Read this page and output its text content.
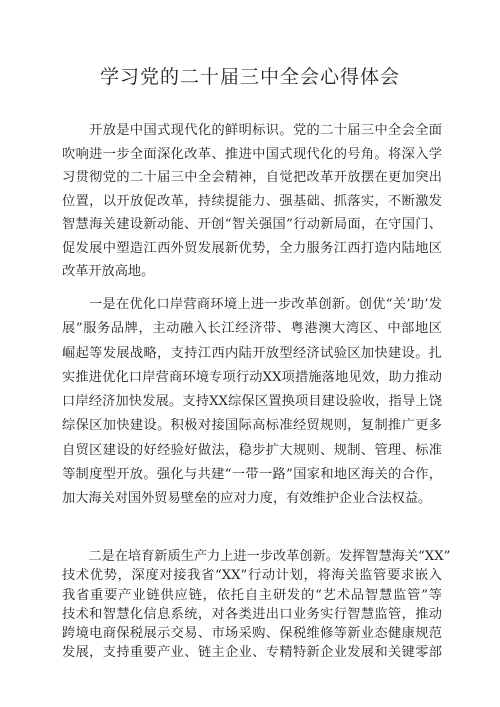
学习党的二十届三中全会心得体会
　　开放是中国式现代化的鲜明标识。党的二十届三中全会全面
吹响进一步全面深化改革、推进中国式现代化的号角。将深入学
习贯彻党的二十届三中全会精神，自觉把改革开放摆在更加突出
位置，以开放促改革，持续提能力、强基础、抓落实，不断激发
智慧海关建设新动能、开创“智关强国”行动新局面，在守国门、
促发展中塑造江西外贸发展新优势，全力服务江西打造内陆地区
改革开放高地。
　　一是在优化口岸营商环境上进一步改革创新。创优“关’助’发
展”服务品牌，主动融入长江经济带、粤港澳大湾区、中部地区
崛起等发展战略，支持江西内陆开放型经济试验区加快建设。扎
实推进优化口岸营商环境专项行动XX项措施落地见效，助力推动
口岸经济加快发展。支持XX综保区置换项目建设验收，指导上饶
综保区加快建设。积极对接国际高标准经贸规则，复制推广更多
自贸区建设的好经验好做法，稳步扩大规则、规制、管理、标准
等制度型开放。强化与共建“一带一路”国家和地区海关的合作，
加大海关对国外贸易壁垒的应对力度，有效维护企业合法权益。
　　二是在培育新质生产力上进一步改革创新。发挥智慧海关“XX”
技术优势，深度对接我省“XX”行动计划，将海关监管要求嵌入
我省重要产业链供应链，依托自主研发的“艺术品智慧监管”等
技术和智慧化信息系统，对各类进出口业务实行智慧监管，推动
跨境电商保税展示交易、市场采购、保税维修等新业态健康规范
发展，支持重要产业、链主企业、专精特新企业发展和关键零部
